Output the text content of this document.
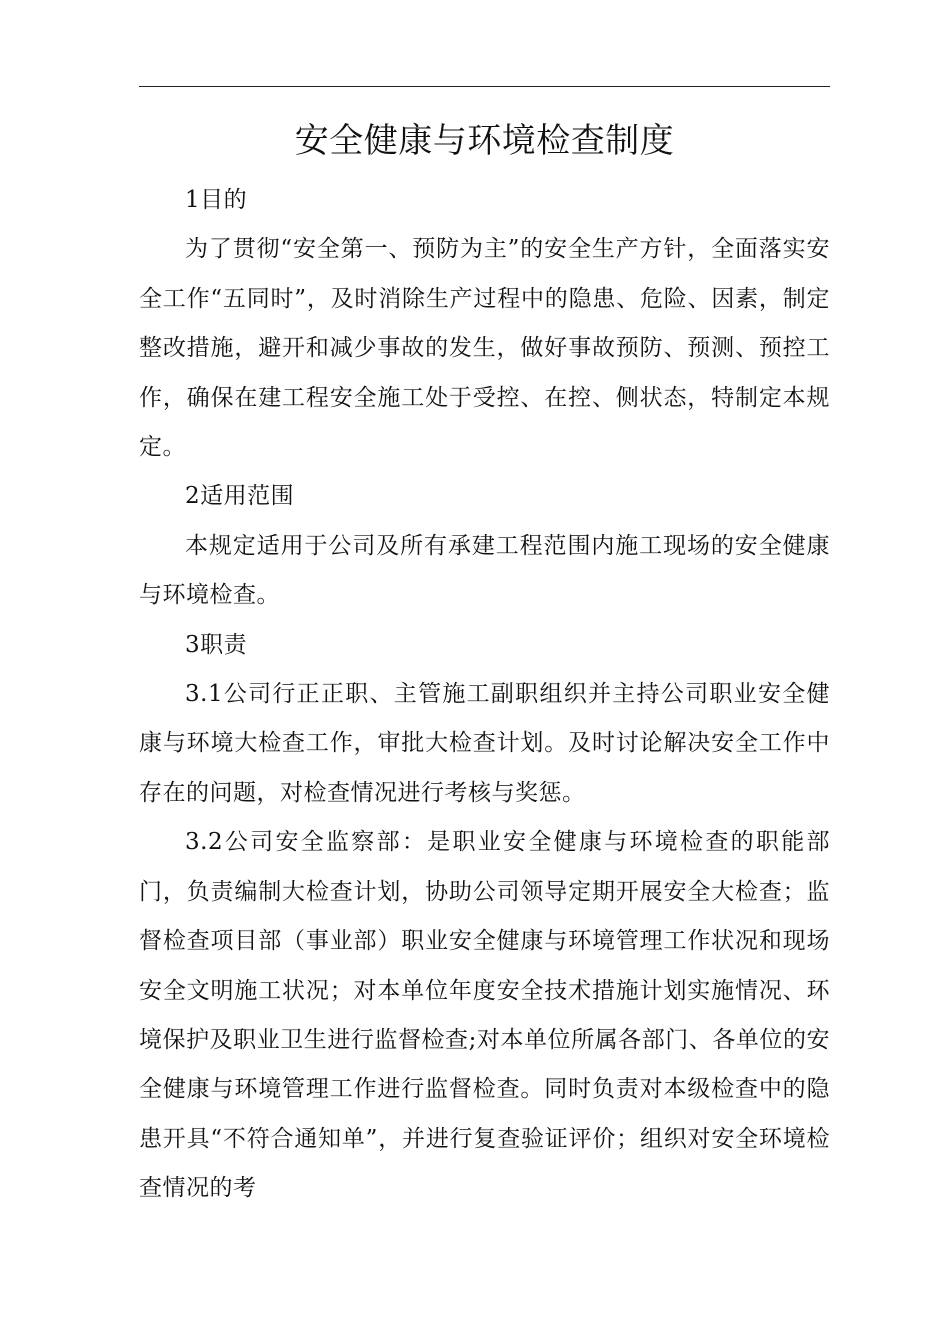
安全健康与环境检查制度

1目的

为了贯彻“安全第一、预防为主”的安全生产方针，全面落实安全工作“五同时”，及时消除生产过程中的隐患、危险、因素，制定整改措施，避开和减少事故的发生，做好事故预防、预测、预控工作，确保在建工程安全施工处于受控、在控、侧状态，特制定本规定。

2适用范围

本规定适用于公司及所有承建工程范围内施工现场的安全健康与环境检查。

3职责

3.1公司行正正职、主管施工副职组织并主持公司职业安全健康与环境大检查工作，审批大检查计划。及时讨论解决安全工作中存在的问题，对检查情况进行考核与奖惩。

3.2公司安全监察部：是职业安全健康与环境检查的职能部门，负责编制大检查计划，协助公司领导定期开展安全大检查；监督检查项目部（事业部）职业安全健康与环境管理工作状况和现场安全文明施工状况；对本单位年度安全技术措施计划实施情况、环境保护及职业卫生进行监督检查;对本单位所属各部门、各单位的安全健康与环境管理工作进行监督检查。同时负责对本级检查中的隐患开具“不符合通知单”，并进行复查验证评价；组织对安全环境检查情况的考
